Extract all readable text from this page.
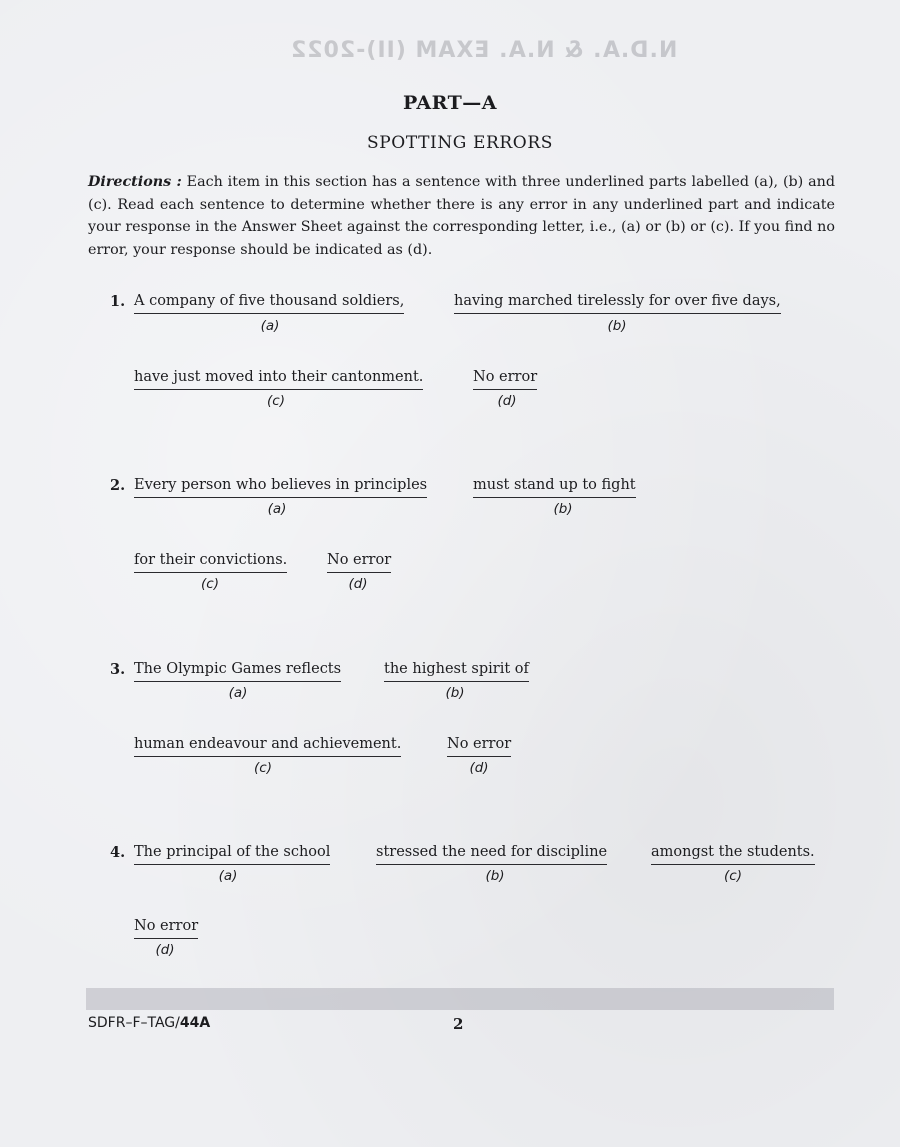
N.D.A. & N.A. EXAM (II)-2022
PART—A
SPOTTING ERRORS
Directions : Each item in this section has a sentence with three underlined parts labelled (a), (b) and (c). Read each sentence to determine whether there is any error in any underlined part and indicate your response in the Answer Sheet against the corresponding letter, i.e., (a) or (b) or (c). If you find no error, your response should be indicated as (d).
1. A company of five thousand soldiers,
(a)
having marched tirelessly for over five days,
(b)
have just moved into their cantonment.
(c)
No error
(d)
2. Every person who believes in principles
(a)
must stand up to fight
(b)
for their convictions.
(c)
No error
(d)
3. The Olympic Games reflects
(a)
the highest spirit of
(b)
human endeavour and achievement.
(c)
No error
(d)
4. The principal of the school
(a)
stressed the need for discipline
(b)
amongst the students.
(c)
No error
(d)
SDFR–F–TAG/44A	2
